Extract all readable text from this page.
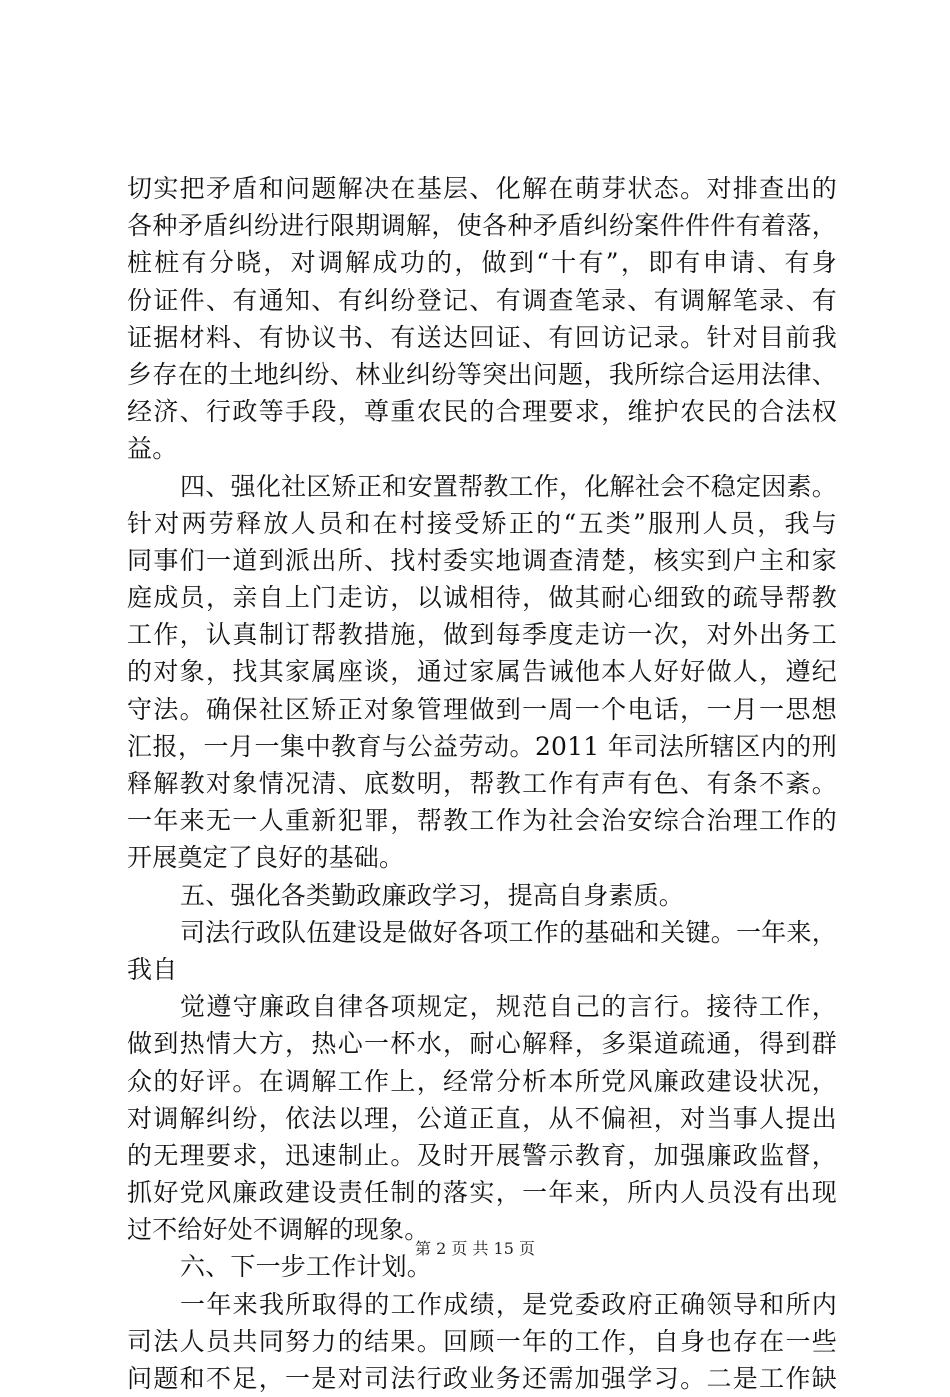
切实把矛盾和问题解决在基层、化解在萌芽状态。对排查出的
各种矛盾纠纷进行限期调解，使各种矛盾纠纷案件件件有着落，
桩桩有分晓，对调解成功的，做到“十有”，即有申请、有身
份证件、有通知、有纠纷登记、有调查笔录、有调解笔录、有
证据材料、有协议书、有送达回证、有回访记录。针对目前我
乡存在的土地纠纷、林业纠纷等突出问题，我所综合运用法律、
经济、行政等手段，尊重农民的合理要求，维护农民的合法权
益。
四、强化社区矫正和安置帮教工作，化解社会不稳定因素。
针对两劳释放人员和在村接受矫正的“五类”服刑人员，我与
同事们一道到派出所、找村委实地调查清楚，核实到户主和家
庭成员，亲自上门走访，以诚相待，做其耐心细致的疏导帮教
工作，认真制订帮教措施，做到每季度走访一次，对外出务工
的对象，找其家属座谈，通过家属告诫他本人好好做人，遵纪
守法。确保社区矫正对象管理做到一周一个电话，一月一思想
汇报，一月一集中教育与公益劳动。2011 年司法所辖区内的刑
释解教对象情况清、底数明，帮教工作有声有色、有条不紊。
一年来无一人重新犯罪，帮教工作为社会治安综合治理工作的
开展奠定了良好的基础。
五、强化各类勤政廉政学习，提高自身素质。
司法行政队伍建设是做好各项工作的基础和关键。一年来，
我自
觉遵守廉政自律各项规定，规范自己的言行。接待工作，
做到热情大方，热心一杯水，耐心解释，多渠道疏通，得到群
众的好评。在调解工作上，经常分析本所党风廉政建设状况，
对调解纠纷，依法以理，公道正直，从不偏袒，对当事人提出
的无理要求，迅速制止。及时开展警示教育，加强廉政监督，
抓好党风廉政建设责任制的落实，一年来，所内人员没有出现
过不给好处不调解的现象。
六、下一步工作计划。
一年来我所取得的工作成绩，是党委政府正确领导和所内
司法人员共同努力的结果。回顾一年的工作，自身也存在一些
问题和不足，一是对司法行政业务还需加强学习。二是工作缺
第 2 页 共 15 页
